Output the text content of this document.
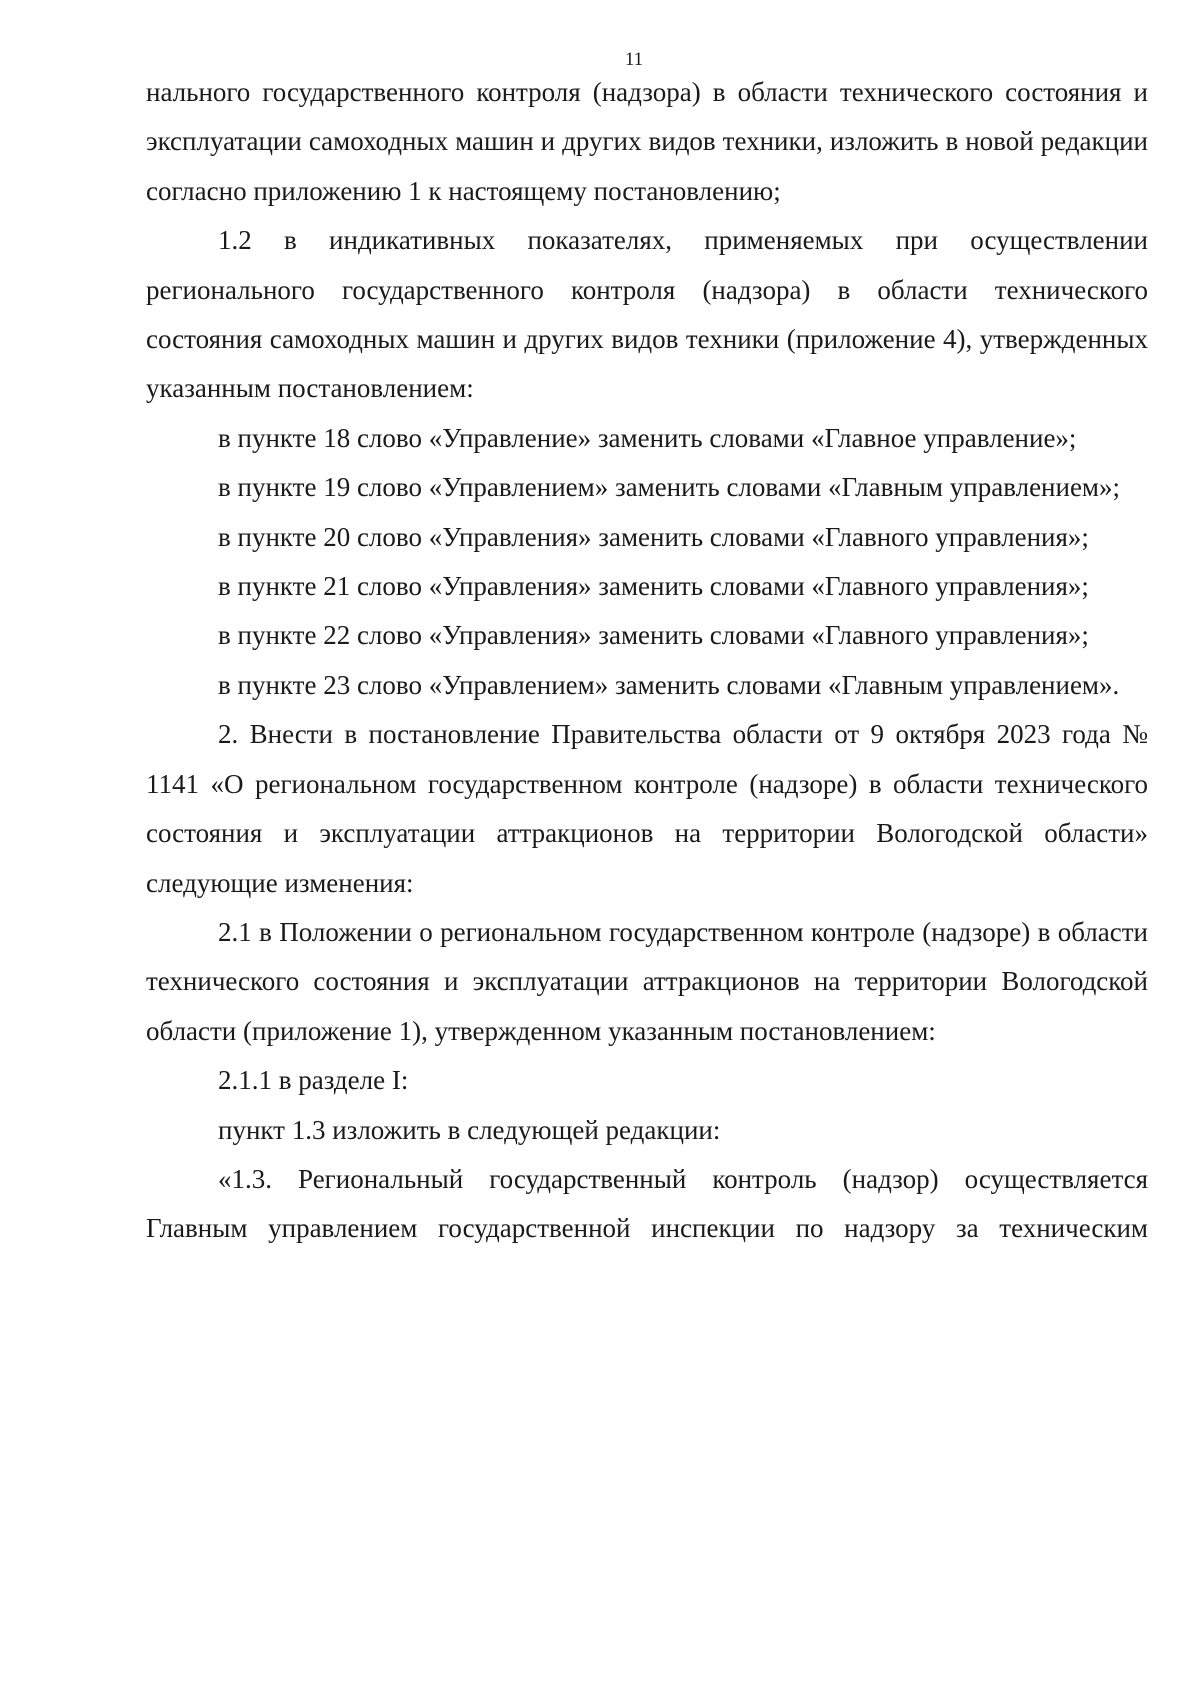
11

нального государственного контроля (надзора) в области технического состояния и эксплуатации самоходных машин и других видов техники, изложить в новой редакции согласно приложению 1 к настоящему постановлению;

1.2 в индикативных показателях, применяемых при осуществлении регионального государственного контроля (надзора) в области технического состояния самоходных машин и других видов техники (приложение 4), утвержденных указанным постановлением:

в пункте 18 слово «Управление» заменить словами «Главное управление»;

в пункте 19 слово «Управлением» заменить словами «Главным управлением»;

в пункте 20 слово «Управления» заменить словами «Главного управления»;

в пункте 21 слово «Управления» заменить словами «Главного управления»;

в пункте 22 слово «Управления» заменить словами «Главного управления»;

в пункте 23 слово «Управлением» заменить словами «Главным управлением».

2. Внести в постановление Правительства области от 9 октября 2023 года № 1141 «О региональном государственном контроле (надзоре) в области технического состояния и эксплуатации аттракционов на территории Вологодской области» следующие изменения:

2.1 в Положении о региональном государственном контроле (надзоре) в области технического состояния и эксплуатации аттракционов на территории Вологодской области (приложение 1), утвержденном указанным постановлением:

2.1.1 в разделе I:

пункт 1.3 изложить в следующей редакции:

«1.3. Региональный государственный контроль (надзор) осуществляется Главным управлением государственной инспекции по надзору за техническим
